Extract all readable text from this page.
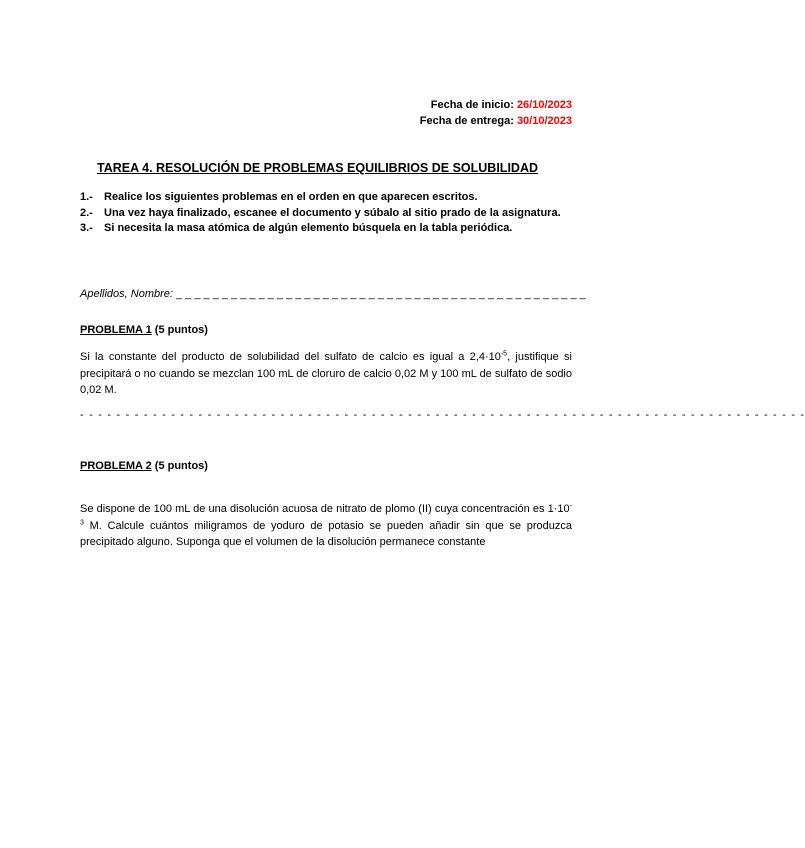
Fecha de inicio: 26/10/2023
Fecha de entrega: 30/10/2023
TAREA 4. RESOLUCIÓN DE PROBLEMAS EQUILIBRIOS DE SOLUBILIDAD
1.-	Realice los siguientes problemas en el orden en que aparecen escritos.
2.-	Una vez haya finalizado, escanee el documento y súbalo al sitio prado de la asignatura.
3.-	Si necesita la masa atómica de algún elemento búsquela en la tabla periódica.
Apellidos, Nombre: _ _ _ _ _ _ _ _ _ _ _ _ _ _ _ _ _ _ _ _ _ _ _ _ _ _ _ _ _ _ _ _ _ _ _ _ _ _ _ _ _ _ _ _ _
PROBLEMA 1 (5 puntos)
Si la constante del producto de solubilidad del sulfato de calcio es igual a $2,4\cdot 10^{-5}$, justifique si precipitará o no cuando se mezclan 100 mL de cloruro de calcio 0,02 M y 100 mL de sulfato de sodio 0,02 M.
- - - - - - - - - - - - - - - - - - - - - - - - - - - - - - - - - - - - - - - - - - - - - - - - - - - - - - - - - - - - - - - - - - - - - - - - - - - - - - - -
PROBLEMA 2 (5 puntos)
Se dispone de 100 mL de una disolución acuosa de nitrato de plomo (II) cuya concentración es $1\cdot 10^{-3}$ M. Calcule cuántos miligramos de yoduro de potasio se pueden añadir sin que se produzca precipitado alguno. Suponga que el volumen de la disolución permanece constante
